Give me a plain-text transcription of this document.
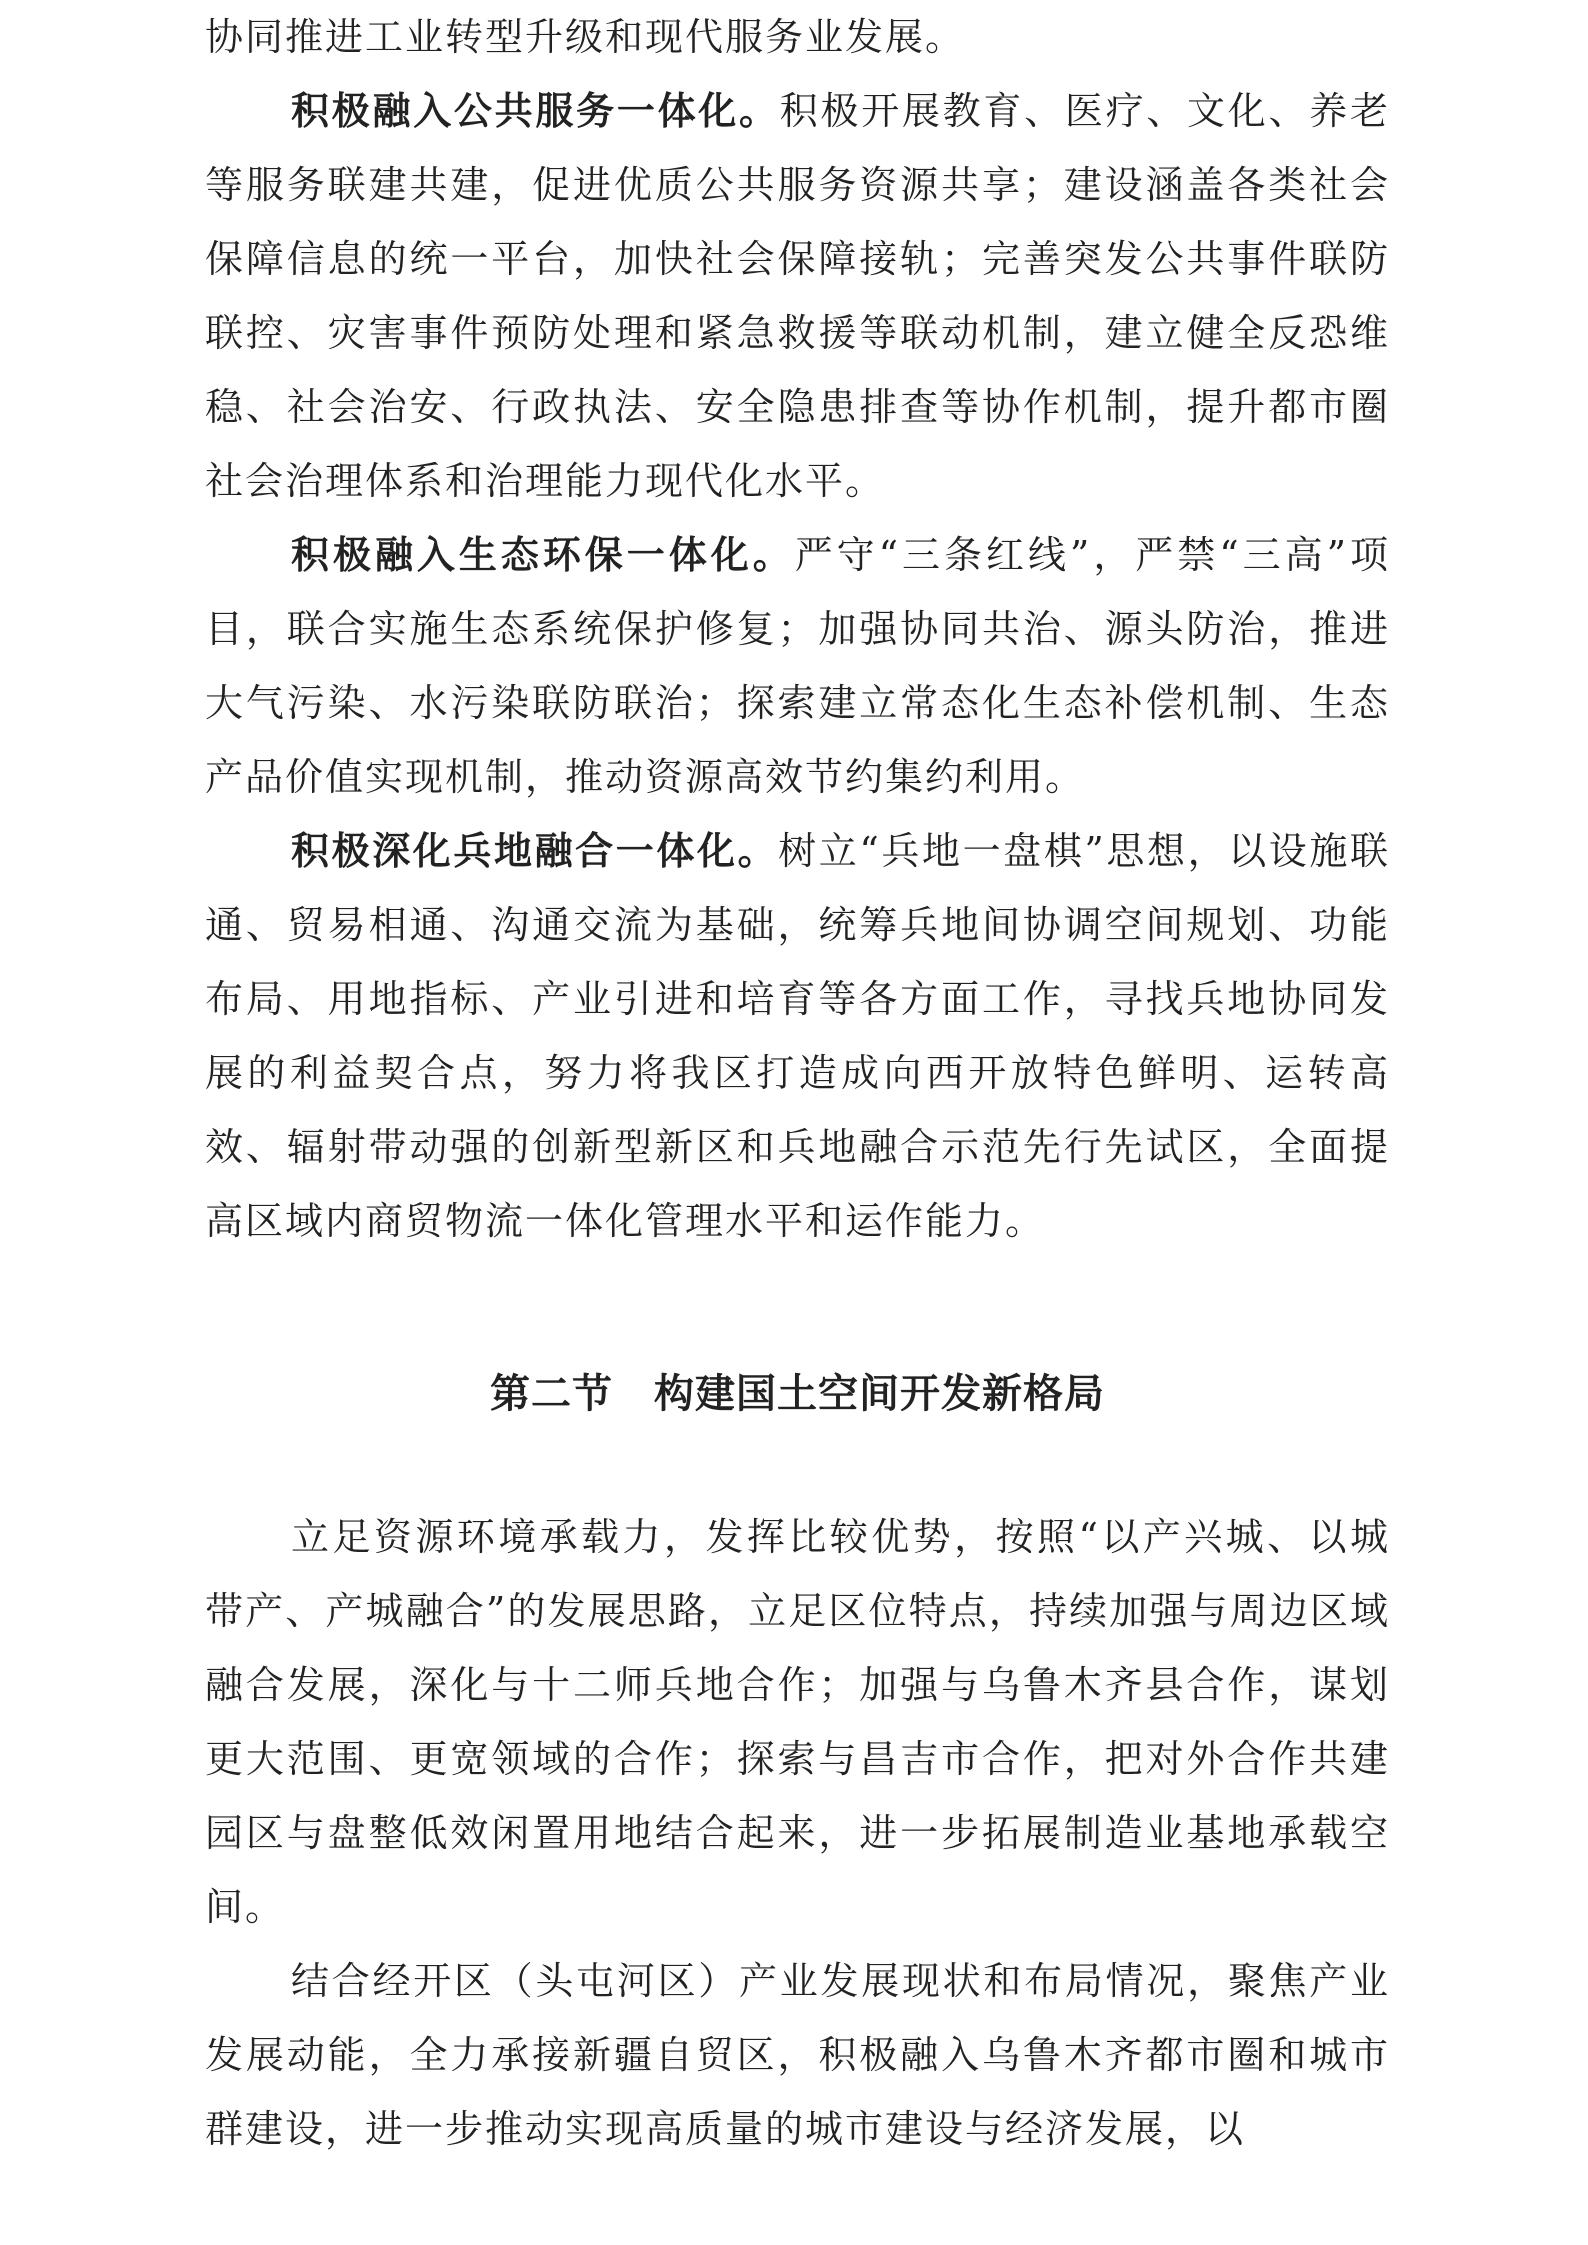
协同推进工业转型升级和现代服务业发展。

积极融入公共服务一体化。积极开展教育、医疗、文化、养老等服务联建共建，促进优质公共服务资源共享；建设涵盖各类社会保障信息的统一平台，加快社会保障接轨；完善突发公共事件联防联控、灾害事件预防处理和紧急救援等联动机制，建立健全反恐维稳、社会治安、行政执法、安全隐患排查等协作机制，提升都市圈社会治理体系和治理能力现代化水平。

积极融入生态环保一体化。严守“三条红线”，严禁“三高”项目，联合实施生态系统保护修复；加强协同共治、源头防治，推进大气污染、水污染联防联治；探索建立常态化生态补偿机制、生态产品价值实现机制，推动资源高效节约集约利用。

积极深化兵地融合一体化。树立“兵地一盘棋”思想，以设施联通、贸易相通、沟通交流为基础，统筹兵地间协调空间规划、功能布局、用地指标、产业引进和培育等各方面工作，寻找兵地协同发展的利益契合点，努力将我区打造成向西开放特色鲜明、运转高效、辐射带动强的创新型新区和兵地融合示范先行先试区，全面提高区域内商贸物流一体化管理水平和运作能力。

第二节　构建国土空间开发新格局

立足资源环境承载力，发挥比较优势，按照“以产兴城、以城带产、产城融合”的发展思路，立足区位特点，持续加强与周边区域融合发展，深化与十二师兵地合作；加强与乌鲁木齐县合作，谋划更大范围、更宽领域的合作；探索与昌吉市合作，把对外合作共建园区与盘整低效闲置用地结合起来，进一步拓展制造业基地承载空间。

结合经开区（头屯河区）产业发展现状和布局情况，聚焦产业发展动能，全力承接新疆自贸区，积极融入乌鲁木齐都市圈和城市群建设，进一步推动实现高质量的城市建设与经济发展，以
